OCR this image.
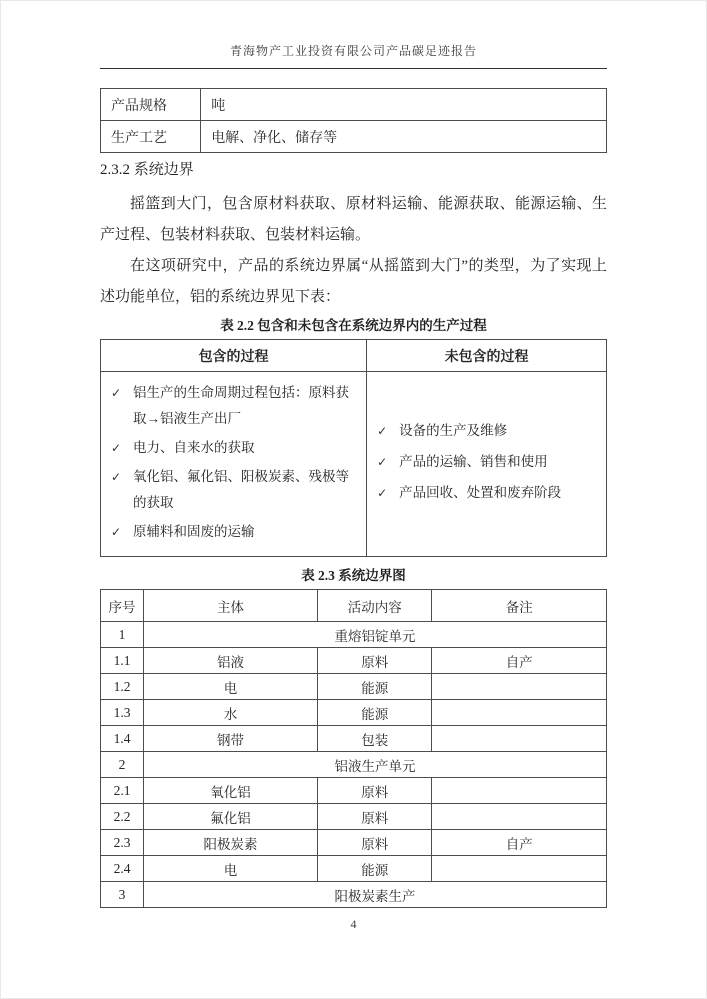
青海物产工业投资有限公司产品碳足迹报告
产品规格	吨
生产工艺	电解、净化、储存等
2.3.2 系统边界

摇篮到大门，包含原材料获取、原材料运输、能源获取、能源运输、生产过程、包装材料获取、包装材料运输。

在这项研究中，产品的系统边界属“从摇篮到大门”的类型，为了实现上述功能单位，铝的系统边界见下表：

表 2.2 包含和未包含在系统边界内的生产过程
包含的过程	未包含的过程

✓ 铝生产的生命周期过程包括：原料获取→铝液生产出厂
✓ 电力、自来水的获取
✓ 氧化铝、氟化铝、阳极炭素、残极等的获取
✓ 原辅料和固废的运输

✓ 设备的生产及维修
✓ 产品的运输、销售和使用
✓ 产品回收、处置和废弃阶段
表 2.3 系统边界图
序号	主体	活动内容	备注
1	重熔铝锭单元		
1.1	铝液	原料	自产
1.2	电	能源	
1.3	水	能源	
1.4	钢带	包装	
2	铝液生产单元		
2.1	氧化铝	原料	
2.2	氟化铝	原料	
2.3	阳极炭素	原料	自产
2.4	电	能源	
3	阳极炭素生产		
4
